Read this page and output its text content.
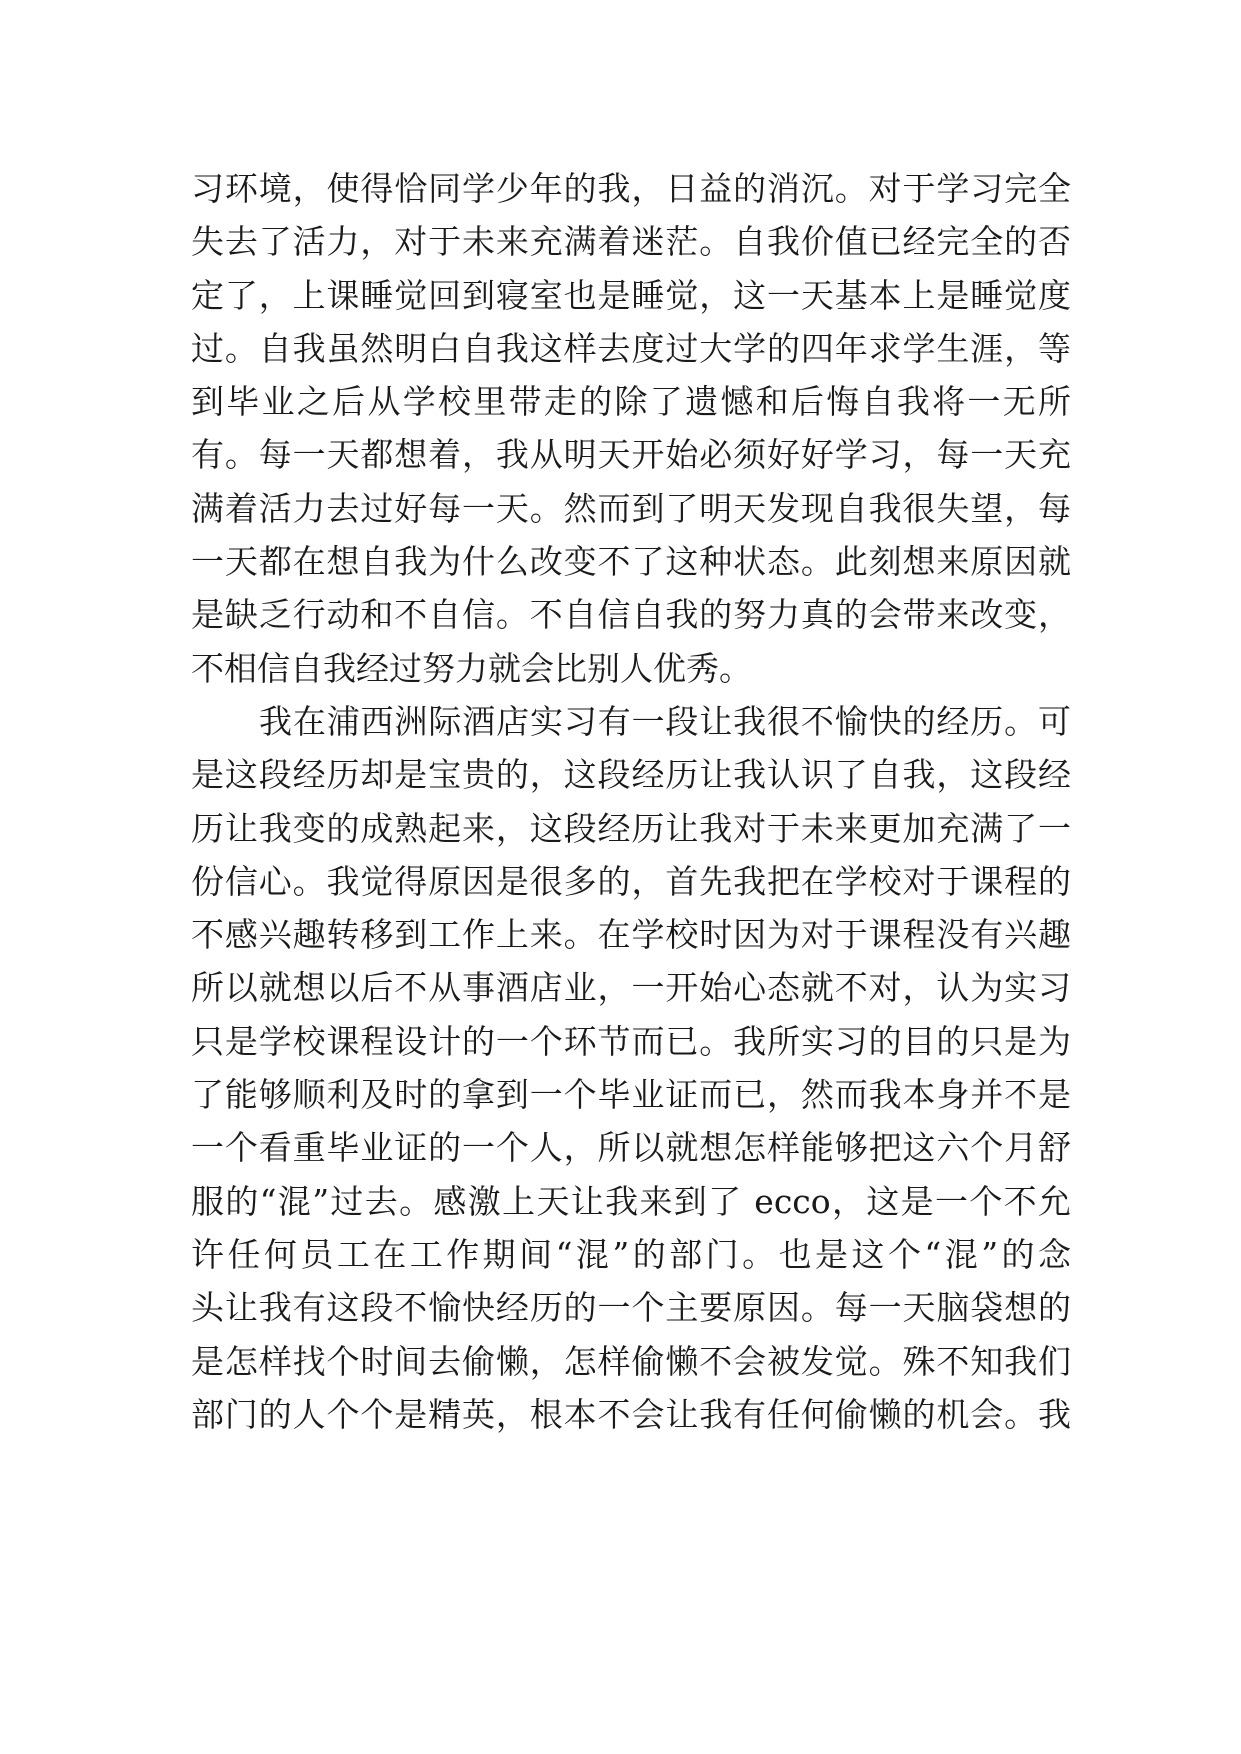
习环境，使得恰同学少年的我，日益的消沉。对于学习完全
失去了活力，对于未来充满着迷茫。自我价值已经完全的否
定了，上课睡觉回到寝室也是睡觉，这一天基本上是睡觉度
过。自我虽然明白自我这样去度过大学的四年求学生涯，等
到毕业之后从学校里带走的除了遗憾和后悔自我将一无所
有。每一天都想着，我从明天开始必须好好学习，每一天充
满着活力去过好每一天。然而到了明天发现自我很失望，每
一天都在想自我为什么改变不了这种状态。此刻想来原因就
是缺乏行动和不自信。不自信自我的努力真的会带来改变，
不相信自我经过努力就会比别人优秀。
我在浦西洲际酒店实习有一段让我很不愉快的经历。可
是这段经历却是宝贵的，这段经历让我认识了自我，这段经
历让我变的成熟起来，这段经历让我对于未来更加充满了一
份信心。我觉得原因是很多的，首先我把在学校对于课程的
不感兴趣转移到工作上来。在学校时因为对于课程没有兴趣
所以就想以后不从事酒店业，一开始心态就不对，认为实习
只是学校课程设计的一个环节而已。我所实习的目的只是为
了能够顺利及时的拿到一个毕业证而已，然而我本身并不是
一个看重毕业证的一个人，所以就想怎样能够把这六个月舒
服的“混”过去。感激上天让我来到了 ecco，这是一个不允
许任何员工在工作期间“混”的部门。也是这个“混”的念
头让我有这段不愉快经历的一个主要原因。每一天脑袋想的
是怎样找个时间去偷懒，怎样偷懒不会被发觉。殊不知我们
部门的人个个是精英，根本不会让我有任何偷懒的机会。我
